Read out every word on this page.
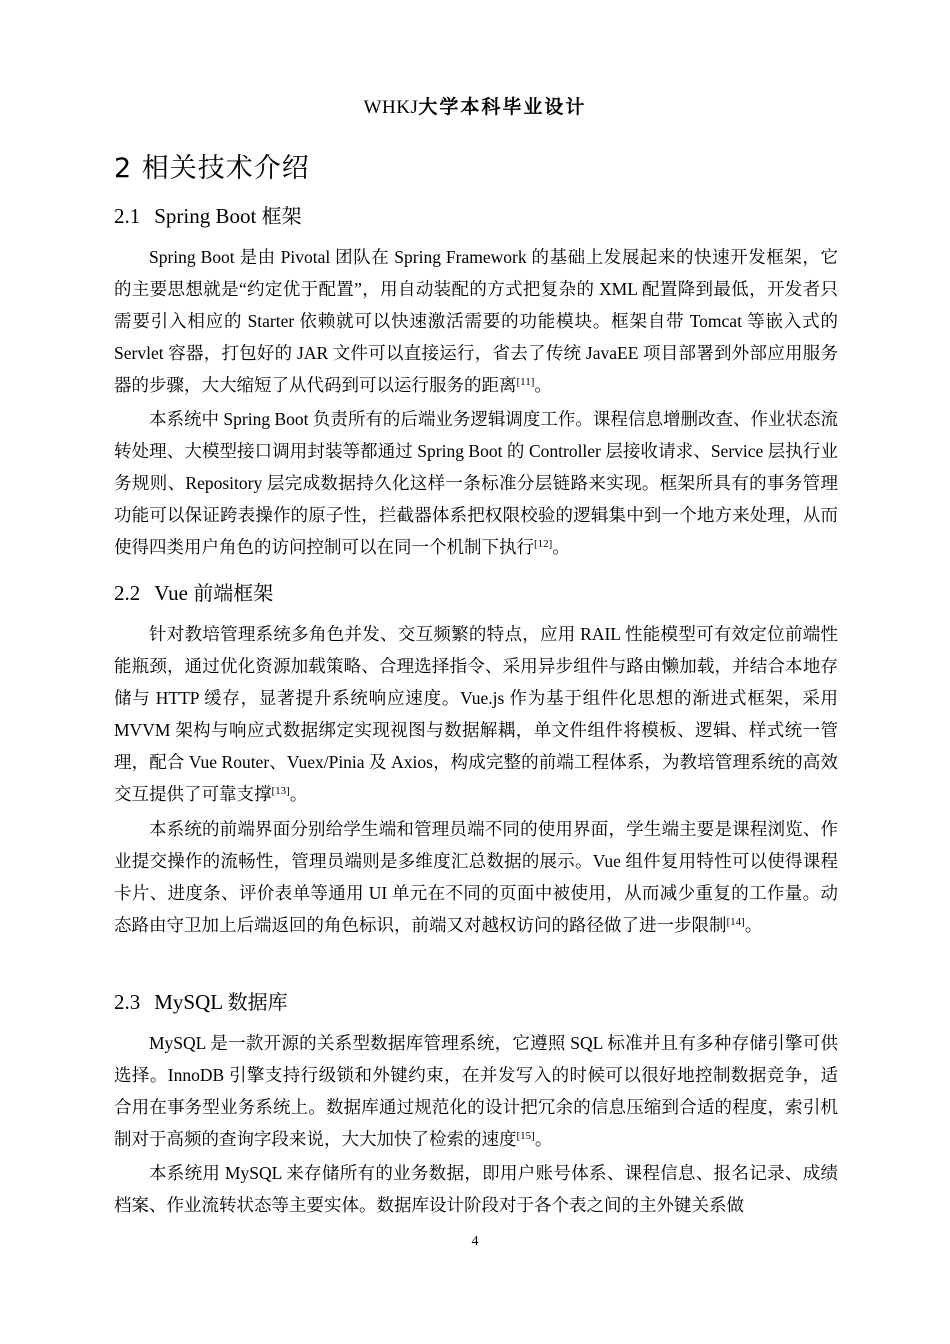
WHKJ大学本科毕业设计
2 相关技术介绍
2.1 Spring Boot 框架
Spring Boot 是由 Pivotal 团队在 Spring Framework 的基础上发展起来的快速开发框架，它的主要思想就是“约定优于配置”，用自动装配的方式把复杂的 XML 配置降到最低，开发者只需要引入相应的 Starter 依赖就可以快速激活需要的功能模块。框架自带 Tomcat 等嵌入式的 Servlet 容器，打包好的 JAR 文件可以直接运行，省去了传统 JavaEE 项目部署到外部应用服务器的步骤，大大缩短了从代码到可以运行服务的距离[11]。
本系统中 Spring Boot 负责所有的后端业务逻辑调度工作。课程信息增删改查、作业状态流转处理、大模型接口调用封装等都通过 Spring Boot 的 Controller 层接收请求、Service 层执行业务规则、Repository 层完成数据持久化这样一条标准分层链路来实现。框架所具有的事务管理功能可以保证跨表操作的原子性，拦截器体系把权限校验的逻辑集中到一个地方来处理，从而使得四类用户角色的访问控制可以在同一个机制下执行[12]。
2.2 Vue 前端框架
针对教培管理系统多角色并发、交互频繁的特点，应用 RAIL 性能模型可有效定位前端性能瓶颈，通过优化资源加载策略、合理选择指令、采用异步组件与路由懒加载，并结合本地存储与 HTTP 缓存，显著提升系统响应速度。Vue.js 作为基于组件化思想的渐进式框架，采用 MVVM 架构与响应式数据绑定实现视图与数据解耦，单文件组件将模板、逻辑、样式统一管理，配合 Vue Router、Vuex/Pinia 及 Axios，构成完整的前端工程体系，为教培管理系统的高效交互提供了可靠支撑[13]。
本系统的前端界面分别给学生端和管理员端不同的使用界面，学生端主要是课程浏览、作业提交操作的流畅性，管理员端则是多维度汇总数据的展示。Vue 组件复用特性可以使得课程卡片、进度条、评价表单等通用 UI 单元在不同的页面中被使用，从而减少重复的工作量。动态路由守卫加上后端返回的角色标识，前端又对越权访问的路径做了进一步限制[14]。
2.3 MySQL 数据库
MySQL 是一款开源的关系型数据库管理系统，它遵照 SQL 标准并且有多种存储引擎可供选择。InnoDB 引擎支持行级锁和外键约束，在并发写入的时候可以很好地控制数据竞争，适合用在事务型业务系统上。数据库通过规范化的设计把冗余的信息压缩到合适的程度，索引机制对于高频的查询字段来说，大大加快了检索的速度[15]。
本系统用 MySQL 来存储所有的业务数据，即用户账号体系、课程信息、报名记录、成绩档案、作业流转状态等主要实体。数据库设计阶段对于各个表之间的主外键关系做
4
